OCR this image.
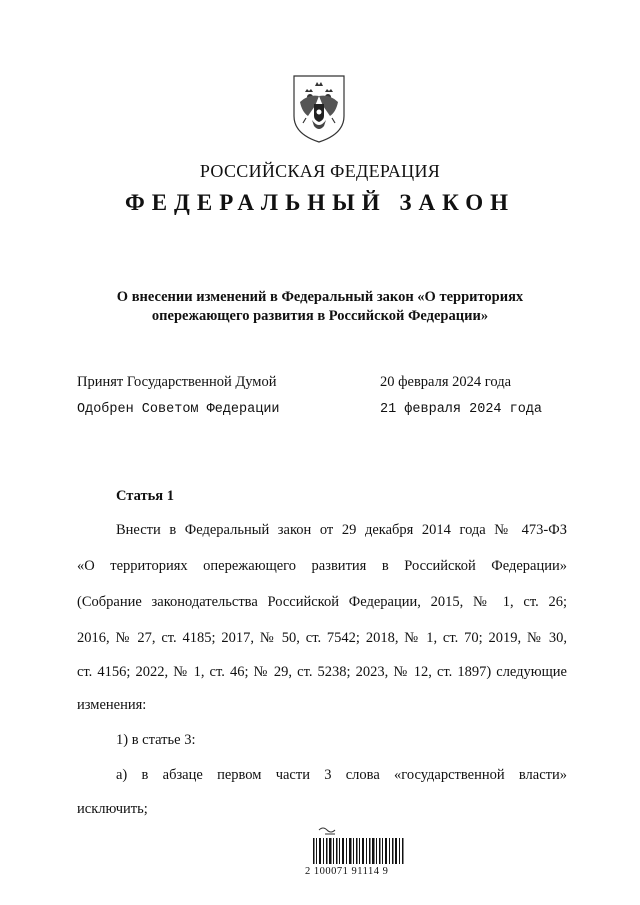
РОССИЙСКАЯ ФЕДЕРАЦИЯ
ФЕДЕРАЛЬНЫЙ ЗАКОН
О внесении изменений в Федеральный закон «О территориях
опережающего развития в Российской Федерации»
Принят Государственной Думой	20 февраля 2024 года
Одобрен Советом Федерации	21 февраля 2024 года
Статья 1
Внести в Федеральный закон от 29 декабря 2014 года № 473-ФЗ
«О территориях опережающего развития в Российской Федерации»
(Собрание законодательства Российской Федерации, 2015, № 1, ст. 26;
2016, № 27, ст. 4185; 2017, № 50, ст. 7542; 2018, № 1, ст. 70; 2019, № 30,
ст. 4156; 2022, № 1, ст. 46; № 29, ст. 5238; 2023, № 12, ст. 1897) следующие
изменения:
1) в статье 3:
а) в абзаце первом части 3 слова «государственной власти»
исключить;
2 100071 91114 9
